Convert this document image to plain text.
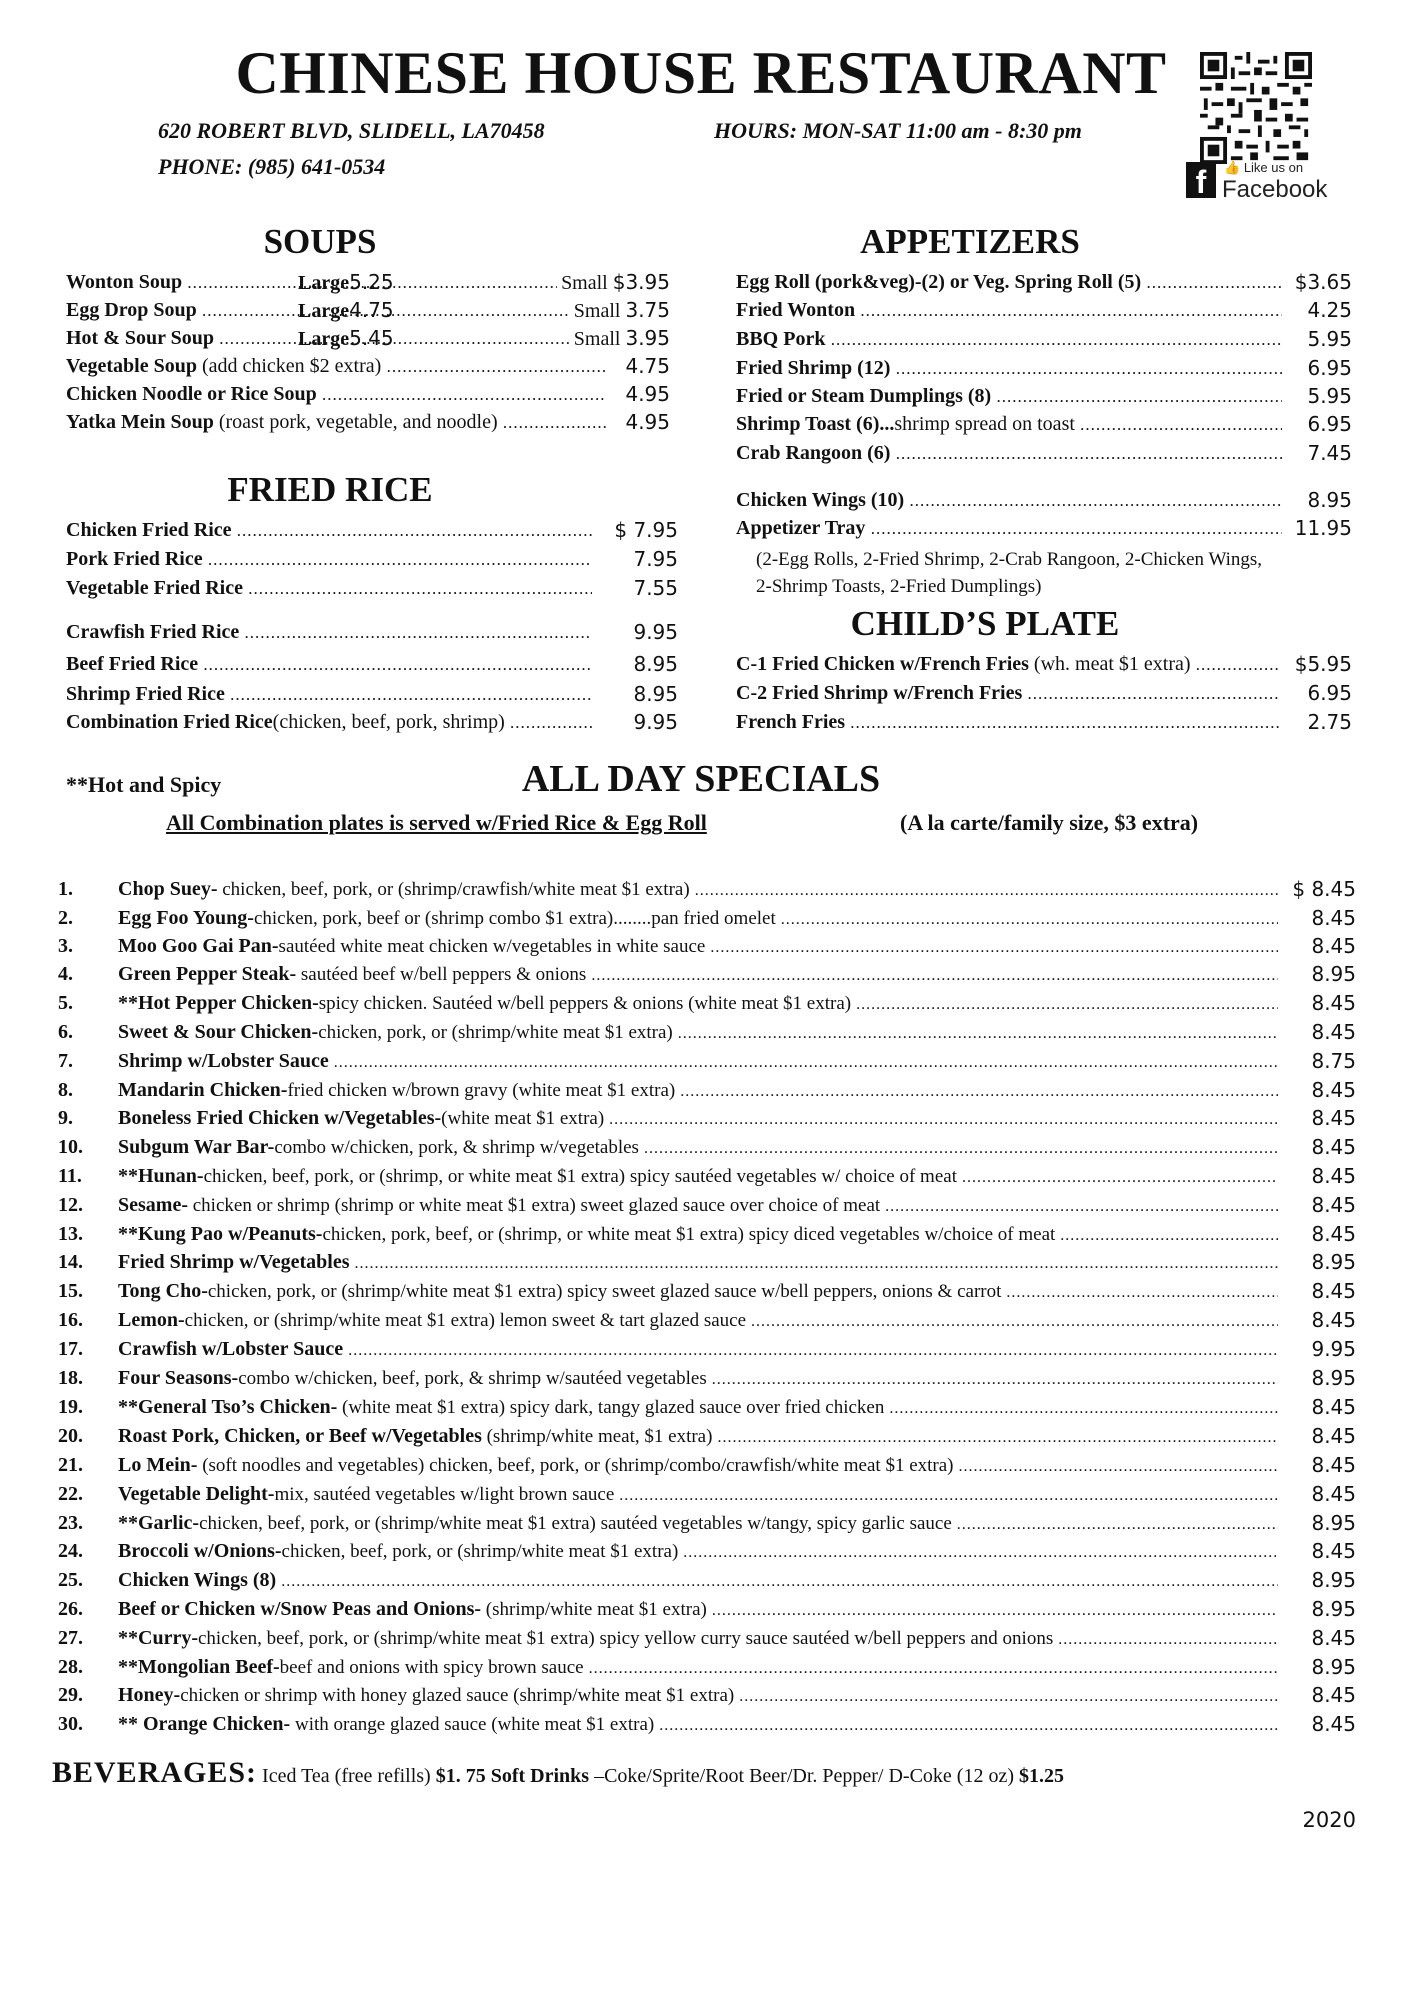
CHINESE HOUSE RESTAURANT
620 ROBERT BLVD, SLIDELL, LA70458
PHONE: (985) 641-0534
HOURS: MON-SAT 11:00 am - 8:30 pm
f	👍 Like us on
Facebook
SOUPS
Wonton Soup .....	Large5.25	Small $3.95
Egg Drop Soup .....	Large4.75	Small 3.75
Hot & Sour Soup .....	Large5.45	Small 3.95
Vegetable Soup (add chicken $2 extra) .....	4.75
Chicken Noodle or Rice Soup .....	4.95
Yatka Mein Soup (roast pork, vegetable, and noodle) .....	4.95
FRIED RICE
Chicken Fried Rice .....	$ 7.95
Pork Fried Rice .....	7.95
Vegetable Fried Rice .....	7.55
Crawfish Fried Rice .....	9.95
Beef Fried Rice .....	8.95
Shrimp Fried Rice .....	8.95
Combination Fried Rice(chicken, beef, pork, shrimp) .....	9.95
APPETIZERS
Egg Roll (pork&veg)-(2) or Veg. Spring Roll (5) .....	$3.65
Fried Wonton .....	4.25
BBQ Pork .....	5.95
Fried Shrimp (12) .....	6.95
Fried or Steam Dumplings (8) .....	5.95
Shrimp Toast (6)...shrimp spread on toast .....	6.95
Crab Rangoon (6) .....	7.45
Chicken Wings (10) .....	8.95
Appetizer Tray .....	11.95
(2-Egg Rolls, 2-Fried Shrimp, 2-Crab Rangoon, 2-Chicken Wings,
2-Shrimp Toasts, 2-Fried Dumplings)
CHILD’S PLATE
C-1 Fried Chicken w/French Fries (wh. meat $1 extra) .....	$5.95
C-2 Fried Shrimp w/French Fries .....	6.95
French Fries .....	2.75
**Hot and Spicy	ALL DAY SPECIALS
All Combination plates is served w/Fried Rice & Egg Roll	(A la carte/family size, $3 extra)
1.	Chop Suey- chicken, beef, pork, or (shrimp/crawfish/white meat $1 extra) .....	$ 8.45
2.	Egg Foo Young-chicken, pork, beef or (shrimp combo $1 extra)........pan fried omelet .....	8.45
3.	Moo Goo Gai Pan-sautéed white meat chicken w/vegetables in white sauce .....	8.45
4.	Green Pepper Steak- sautéed beef w/bell peppers & onions .....	8.95
5.	**Hot Pepper Chicken-spicy chicken. Sautéed w/bell peppers & onions (white meat $1 extra) .....	8.45
6.	Sweet & Sour Chicken-chicken, pork, or (shrimp/white meat $1 extra) .....	8.45
7.	Shrimp w/Lobster Sauce .....	8.75
8.	Mandarin Chicken-fried chicken w/brown gravy (white meat $1 extra) .....	8.45
9.	Boneless Fried Chicken w/Vegetables-(white meat $1 extra) .....	8.45
10.	Subgum War Bar-combo w/chicken, pork, & shrimp w/vegetables .....	8.45
11.	**Hunan-chicken, beef, pork, or (shrimp, or white meat $1 extra) spicy sautéed vegetables w/ choice of meat .....	8.45
12.	Sesame- chicken or shrimp (shrimp or white meat $1 extra) sweet glazed sauce over choice of meat .....	8.45
13.	**Kung Pao w/Peanuts-chicken, pork, beef, or (shrimp, or white meat $1 extra) spicy diced vegetables w/choice of meat .....	8.45
14.	Fried Shrimp w/Vegetables .....	8.95
15.	Tong Cho-chicken, pork, or (shrimp/white meat $1 extra) spicy sweet glazed sauce w/bell peppers, onions & carrot .....	8.45
16.	Lemon-chicken, or (shrimp/white meat $1 extra) lemon sweet & tart glazed sauce .....	8.45
17.	Crawfish w/Lobster Sauce .....	9.95
18.	Four Seasons-combo w/chicken, beef, pork, & shrimp w/sautéed vegetables .....	8.95
19.	**General Tso’s Chicken- (white meat $1 extra) spicy dark, tangy glazed sauce over fried chicken .....	8.45
20.	Roast Pork, Chicken, or Beef w/Vegetables (shrimp/white meat, $1 extra) .....	8.45
21.	Lo Mein- (soft noodles and vegetables) chicken, beef, pork, or (shrimp/combo/crawfish/white meat $1 extra) .....	8.45
22.	Vegetable Delight-mix, sautéed vegetables w/light brown sauce .....	8.45
23.	**Garlic-chicken, beef, pork, or (shrimp/white meat $1 extra) sautéed vegetables w/tangy, spicy garlic sauce .....	8.95
24.	Broccoli w/Onions-chicken, beef, pork, or (shrimp/white meat $1 extra) .....	8.45
25.	Chicken Wings (8) .....	8.95
26.	Beef or Chicken w/Snow Peas and Onions- (shrimp/white meat $1 extra) .....	8.95
27.	**Curry-chicken, beef, pork, or (shrimp/white meat $1 extra) spicy yellow curry sauce sautéed w/bell peppers and onions .....	8.45
28.	**Mongolian Beef-beef and onions with spicy brown sauce .....	8.95
29.	Honey-chicken or shrimp with honey glazed sauce (shrimp/white meat $1 extra) .....	8.45
30.	** Orange Chicken- with orange glazed sauce (white meat $1 extra) .....	8.45
BEVERAGES: Iced Tea (free refills) $1. 75 Soft Drinks –Coke/Sprite/Root Beer/Dr. Pepper/ D-Coke (12 oz) $1.25
2020
